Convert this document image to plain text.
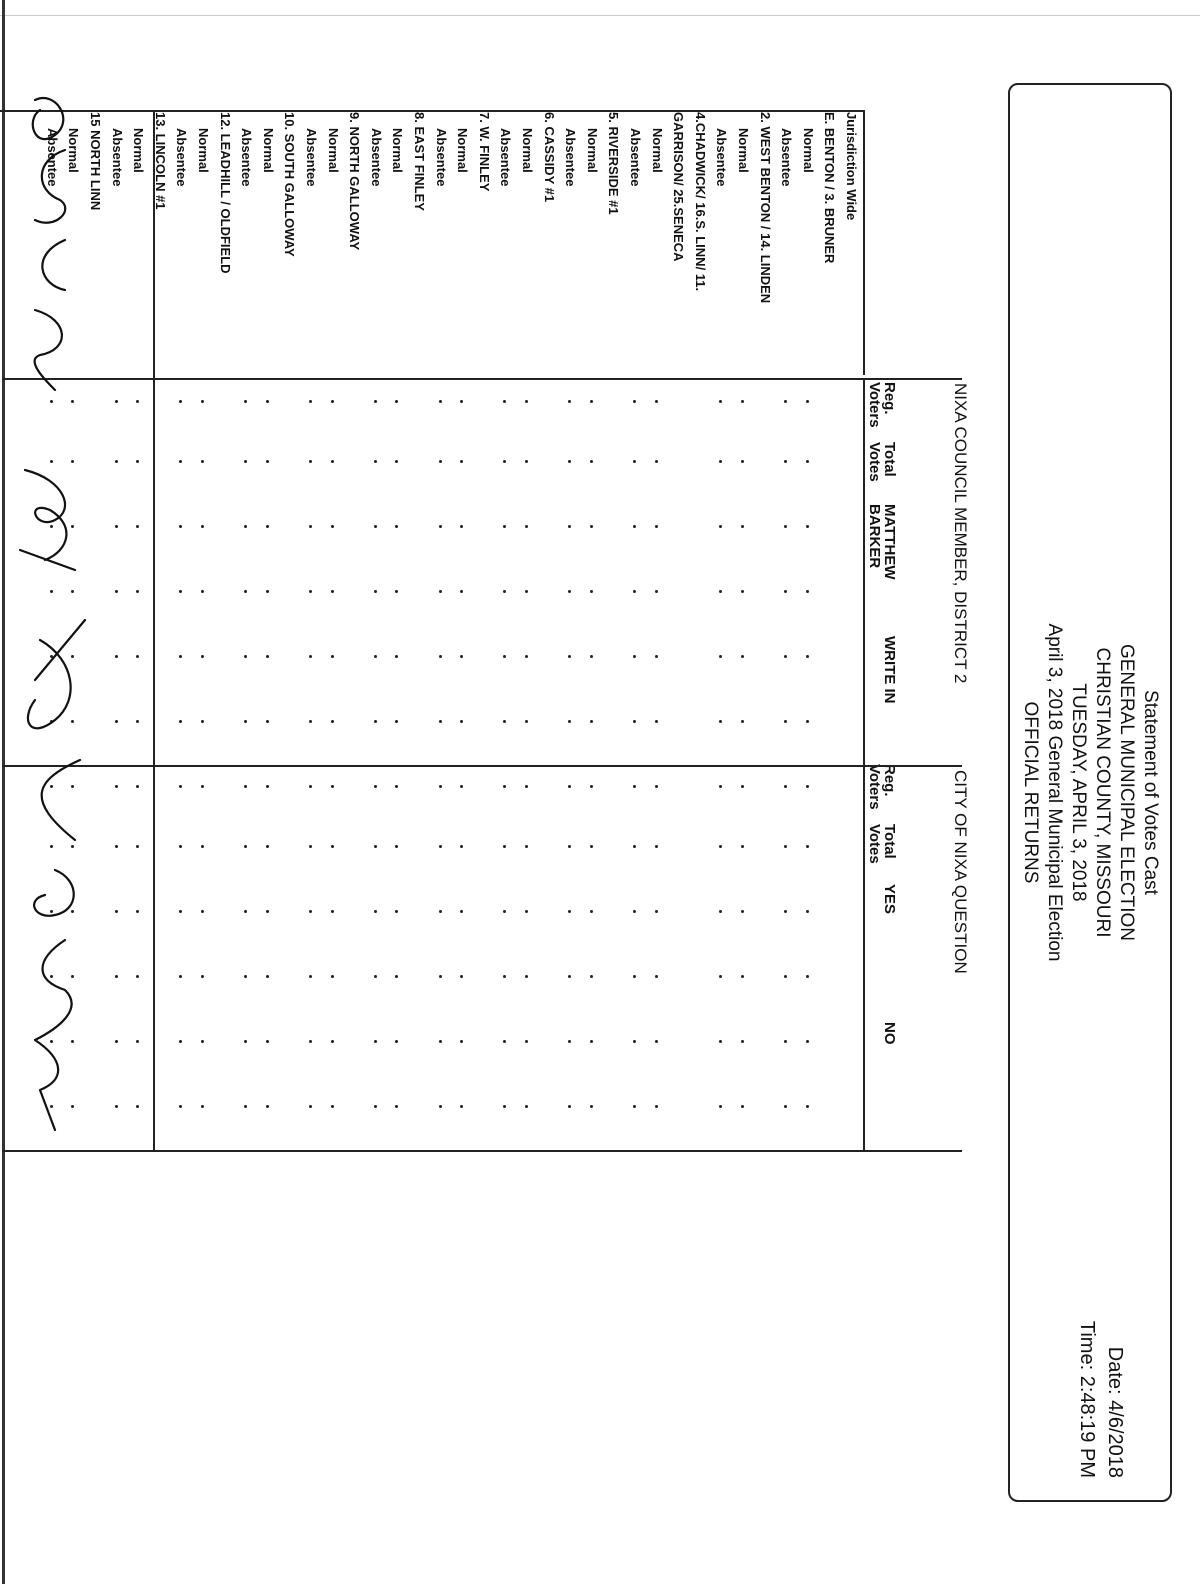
Statement of Votes Cast
GENERAL MUNICIPAL ELECTION
CHRISTIAN COUNTY, MISSOURI
TUESDAY, APRIL 3, 2018
April 3, 2018 General Municipal Election
OFFICIAL RETURNS
Date: 4/6/2018
Time: 2:48:19 PM
NIXA COUNCIL MEMBER, DISTRICT 2
CITY OF NIXA QUESTION
Reg.
Voters
Total
Votes
MATTHEW
BARKER
WRITE IN
Reg.
Voters
Total
Votes
YES
NO
Jurisdiction Wide
E. BENTON / 3. BRUNER
Normal
Absentee
2. WEST BENTON / 14. LINDEN
Normal
Absentee
4.CHADWICK/ 16.S. LINN/ 11.
GARRISON/ 25.SENECA
Normal
Absentee
5. RIVERSIDE #1
Normal
Absentee
6. CASSIDY #1
Normal
Absentee
7. W. FINLEY
Normal
Absentee
8. EAST FINLEY
Normal
Absentee
9. NORTH GALLOWAY
Normal
Absentee
10. SOUTH GALLOWAY
Normal
Absentee
12. LEADHILL / OLDFIELD
Normal
Absentee
13. LINCOLN #1
Normal
Absentee
15 NORTH LINN
Normal
Absentee
